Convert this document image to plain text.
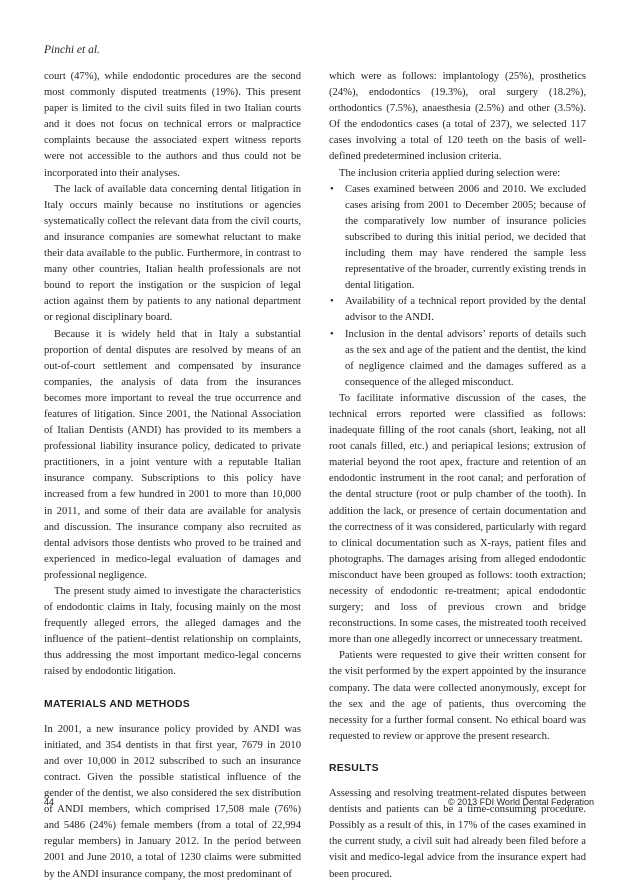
Pinchi et al.

court (47%), while endodontic procedures are the second most commonly disputed treatments (19%). This present paper is limited to the civil suits filed in two Italian courts and it does not focus on technical errors or malpractice complaints because the associated expert witness reports were not accessible to the authors and thus could not be incorporated into their analyses.

The lack of available data concerning dental litigation in Italy occurs mainly because no institutions or agencies systematically collect the relevant data from the civil courts, and insurance companies are somewhat reluctant to make their data available to the public. Furthermore, in contrast to many other countries, Italian health professionals are not bound to report the instigation or the suspicion of legal action against them by patients to any national department or regional disciplinary board.

Because it is widely held that in Italy a substantial proportion of dental disputes are resolved by means of an out-of-court settlement and compensated by insurance companies, the analysis of data from the insurances becomes more important to reveal the true occurrence and features of litigation. Since 2001, the National Association of Italian Dentists (ANDI) has provided to its members a professional liability insurance policy, dedicated to private practitioners, in a joint venture with a reputable Italian insurance company. Subscriptions to this policy have increased from a few hundred in 2001 to more than 10,000 in 2011, and some of their data are available for analysis and discussion. The insurance company also recruited as dental advisors those dentists who proved to be trained and experienced in medico-legal evaluation of damages and professional negligence.

The present study aimed to investigate the characteristics of endodontic claims in Italy, focusing mainly on the most frequently alleged errors, the alleged damages and the influence of the patient–dentist relationship on complaints, thus addressing the most important medico-legal concerns raised by endodontic litigation.

MATERIALS AND METHODS

In 2001, a new insurance policy provided by ANDI was initiated, and 354 dentists in that first year, 7679 in 2010 and over 10,000 in 2012 subscribed to such an insurance contract. Given the possible statistical influence of the gender of the dentist, we also considered the sex distribution of ANDI members, which comprised 17,508 male (76%) and 5486 (24%) female members (from a total of 22,994 regular members) in January 2012. In the period between 2001 and June 2010, a total of 1230 claims were submitted by the ANDI insurance company, the most predominant of

which were as follows: implantology (25%), prosthetics (24%), endodontics (19.3%), oral surgery (18.2%), orthodontics (7.5%), anaesthesia (2.5%) and other (3.5%). Of the endodontics cases (a total of 237), we selected 117 cases involving a total of 120 teeth on the basis of well-defined predetermined inclusion criteria.

The inclusion criteria applied during selection were:

• Cases examined between 2006 and 2010. We excluded cases arising from 2001 to December 2005; because of the comparatively low number of insurance policies subscribed to during this initial period, we decided that including them may have rendered the sample less representative of the broader, currently existing trends in dental litigation.
• Availability of a technical report provided by the dental advisor to the ANDI.
• Inclusion in the dental advisors’ reports of details such as the sex and age of the patient and the dentist, the kind of negligence claimed and the damages suffered as a consequence of the alleged misconduct.

To facilitate informative discussion of the cases, the technical errors reported were classified as follows: inadequate filling of the root canals (short, leaking, not all root canals filled, etc.) and periapical lesions; extrusion of material beyond the root apex, fracture and retention of an endodontic instrument in the root canal; and perforation of the dental structure (root or pulp chamber of the tooth). In addition the lack, or presence of certain documentation and the correctness of it was considered, particularly with regard to clinical documentation such as X-rays, patient files and photographs. The damages arising from alleged endodontic misconduct have been grouped as follows: tooth extraction; necessity of endodontic re-treatment; apical endodontic surgery; and loss of previous crown and bridge reconstructions. In some cases, the mistreated tooth received more than one allegedly incorrect or unnecessary treatment.

Patients were requested to give their written consent for the visit performed by the expert appointed by the insurance company. The data were collected anonymously, except for the sex and the age of patients, thus overcoming the necessity for a further formal consent. No ethical board was requested to review or approve the present research.

RESULTS

Assessing and resolving treatment-related disputes between dentists and patients can be a time-consuming procedure. Possibly as a result of this, in 17% of the cases examined in the current study, a civil suit had already been filed before a visit and medico-legal advice from the insurance expert had been procured.

44	© 2013 FDI World Dental Federation
